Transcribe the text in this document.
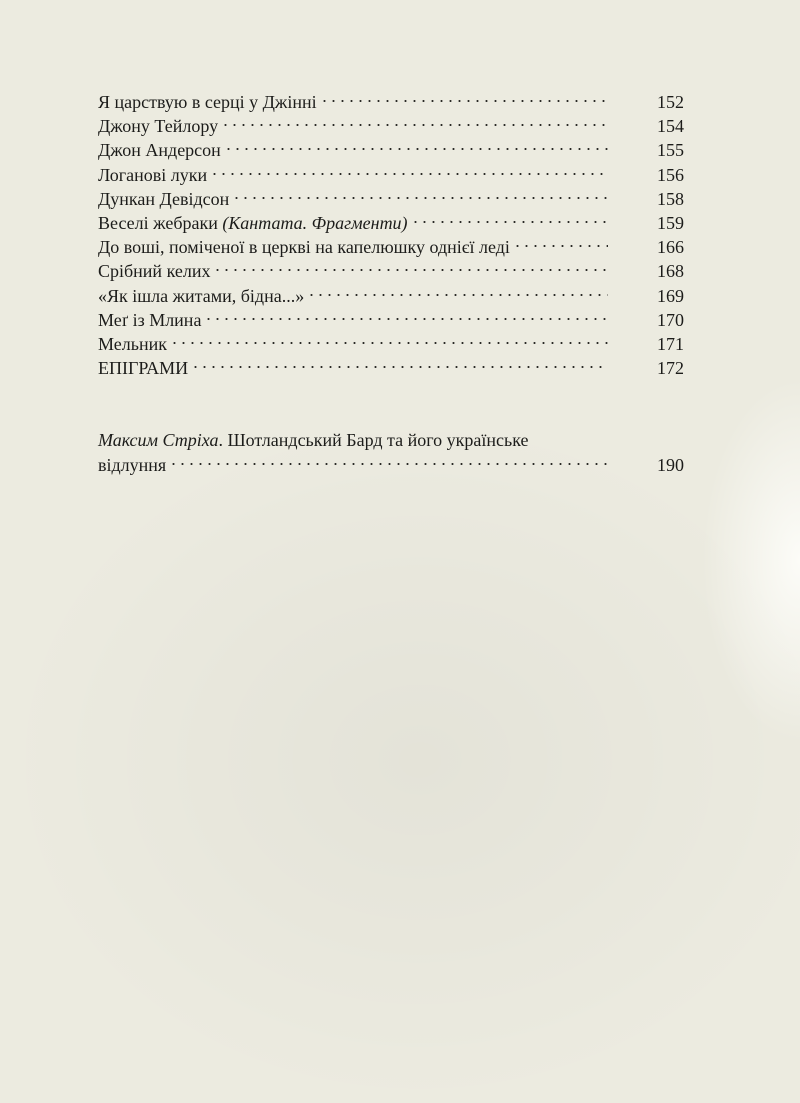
Я царствую в серці у Джінні	152
Джону Тейлору	154
Джон Андерсон	155
Логанові луки	156
Дункан Девідсон	158
Веселі жебраки (Кантата. Фрагменти)	159
До воші, поміченої в церкві на капелюшку однієї леді	166
Срібний келих	168
«Як ішла житами, бідна...»	169
Меґ із Млина	170
Мельник	171
ЕПІГРАМИ	172
Максим Стріха. Шотландський Бард та його українське
відлуння	190
